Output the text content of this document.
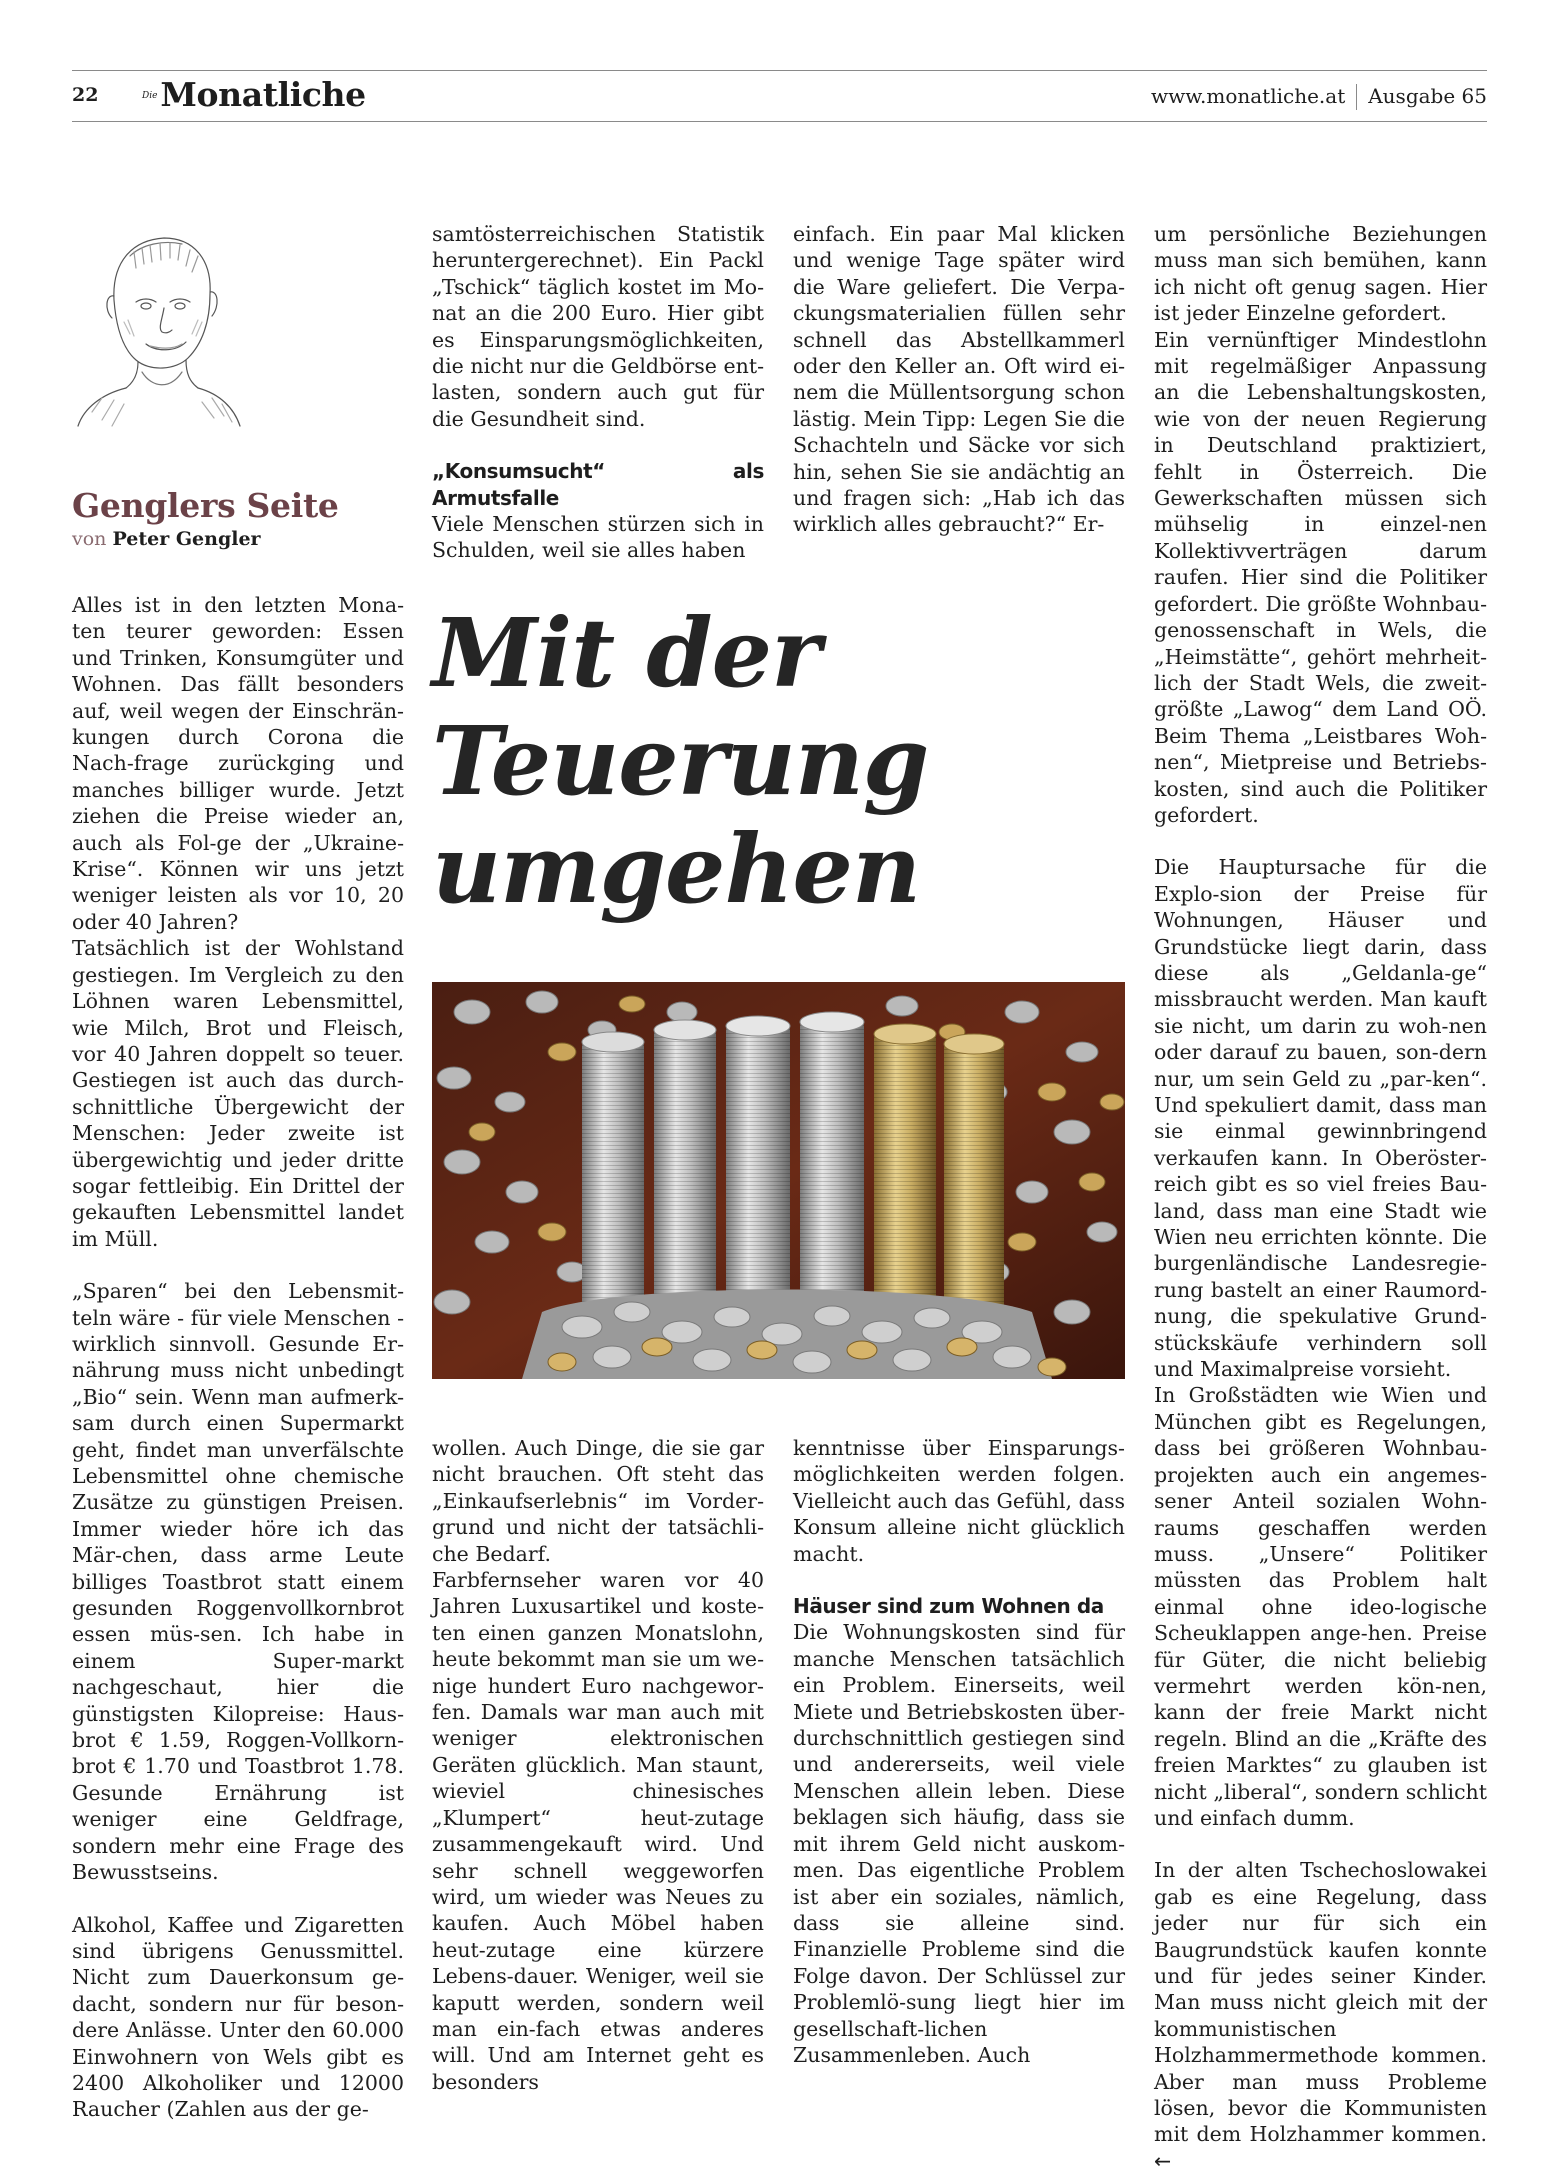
22	Die Monatliche	www.monatliche.at Ausgabe 65
Genglers Seite
von Peter Gengler
Mit der
Teuerung
umgehen

Alles ist in den letzten Mona-ten teurer geworden: Essen und Trinken, Konsumgüter und Wohnen. Das fällt besonders auf, weil wegen der Einschrän-kungen durch Corona die Nach-frage zurückging und manches billiger wurde. Jetzt ziehen die Preise wieder an, auch als Fol-ge der „Ukraine-Krise“. Können wir uns jetzt weniger leisten als vor 10, 20 oder 40 Jahren?

Tatsächlich ist der Wohlstand gestiegen. Im Vergleich zu den Löhnen waren Lebensmittel, wie Milch, Brot und Fleisch, vor 40 Jahren doppelt so teuer. Gestiegen ist auch das durch-schnittliche Übergewicht der Menschen: Jeder zweite ist übergewichtig und jeder dritte sogar fettleibig. Ein Drittel der gekauften Lebensmittel landet im Müll.

„Sparen“ bei den Lebensmit-teln wäre - für viele Menschen - wirklich sinnvoll. Gesunde Er-nährung muss nicht unbedingt „Bio“ sein. Wenn man aufmerk-sam durch einen Supermarkt geht, findet man unverfälschte Lebensmittel ohne chemische Zusätze zu günstigen Preisen. Immer wieder höre ich das Mär-chen, dass arme Leute billiges Toastbrot statt einem gesunden Roggenvollkornbrot essen müs-sen. Ich habe in einem Super-markt nachgeschaut, hier die günstigsten Kilopreise: Haus-brot € 1.59, Roggen-Vollkorn-brot € 1.70 und Toastbrot 1.78. Gesunde Ernährung ist weniger eine Geldfrage, sondern mehr eine Frage des Bewusstseins.

Alkohol, Kaffee und Zigaretten sind übrigens Genussmittel. Nicht zum Dauerkonsum ge-dacht, sondern nur für beson-dere Anlässe. Unter den 60.000 Einwohnern von Wels gibt es 2400 Alkoholiker und 12000 Raucher (Zahlen aus der ge-

samtösterreichischen Statistik heruntergerechnet). Ein Packl „Tschick“ täglich kostet im Mo-nat an die 200 Euro. Hier gibt es Einsparungsmöglichkeiten, die nicht nur die Geldbörse ent-lasten, sondern auch gut für die Gesundheit sind.

„Konsumsucht“ als Armutsfalle

Viele Menschen stürzen sich in Schulden, weil sie alles haben

wollen. Auch Dinge, die sie gar nicht brauchen. Oft steht das „Einkaufserlebnis“ im Vorder-grund und nicht der tatsächli-che Bedarf.

Farbfernseher waren vor 40 Jahren Luxusartikel und koste-ten einen ganzen Monatslohn, heute bekommt man sie um we-nige hundert Euro nachgewor-fen. Damals war man auch mit weniger elektronischen Geräten glücklich. Man staunt, wieviel chinesisches „Klumpert“ heut-zutage zusammengekauft wird. Und sehr schnell weggeworfen wird, um wieder was Neues zu kaufen. Auch Möbel haben heut-zutage eine kürzere Lebens-dauer. Weniger, weil sie kaputt werden, sondern weil man ein-fach etwas anderes will. Und am Internet geht es besonders

einfach. Ein paar Mal klicken und wenige Tage später wird die Ware geliefert. Die Verpa-ckungsmaterialien füllen sehr schnell das Abstellkammerl oder den Keller an. Oft wird ei-nem die Müllentsorgung schon lästig. Mein Tipp: Legen Sie die Schachteln und Säcke vor sich hin, sehen Sie sie andächtig an und fragen sich: „Hab ich das wirklich alles gebraucht?“ Er-

kenntnisse über Einsparungs-möglichkeiten werden folgen. Vielleicht auch das Gefühl, dass Konsum alleine nicht glücklich macht.

Häuser sind zum Wohnen da

Die Wohnungskosten sind für manche Menschen tatsächlich ein Problem. Einerseits, weil Miete und Betriebskosten über-durchschnittlich gestiegen sind und andererseits, weil viele Menschen allein leben. Diese beklagen sich häufig, dass sie mit ihrem Geld nicht auskom-men. Das eigentliche Problem ist aber ein soziales, nämlich, dass sie alleine sind. Finanzielle Probleme sind die Folge davon. Der Schlüssel zur Problemlö-sung liegt hier im gesellschaft-lichen Zusammenleben. Auch

um persönliche Beziehungen muss man sich bemühen, kann ich nicht oft genug sagen. Hier ist jeder Einzelne gefordert.

Ein vernünftiger Mindestlohn mit regelmäßiger Anpassung an die Lebenshaltungskosten, wie von der neuen Regierung in Deutschland praktiziert, fehlt in Österreich. Die Gewerkschaften müssen sich mühselig in einzel-nen Kollektivverträgen darum raufen. Hier sind die Politiker gefordert. Die größte Wohnbau-genossenschaft in Wels, die „Heimstätte“, gehört mehrheit-lich der Stadt Wels, die zweit-größte „Lawog“ dem Land OÖ. Beim Thema „Leistbares Woh-nen“, Mietpreise und Betriebs-kosten, sind auch die Politiker gefordert.

Die Hauptursache für die Explo-sion der Preise für Wohnungen, Häuser und Grundstücke liegt darin, dass diese als „Geldanla-ge“ missbraucht werden. Man kauft sie nicht, um darin zu woh-nen oder darauf zu bauen, son-dern nur, um sein Geld zu „par-ken“. Und spekuliert damit, dass man sie einmal gewinnbringend verkaufen kann. In Oberöster-reich gibt es so viel freies Bau-land, dass man eine Stadt wie Wien neu errichten könnte. Die burgenländische Landesregie-rung bastelt an einer Raumord-nung, die spekulative Grund-stückskäufe verhindern soll und Maximalpreise vorsieht.

In Großstädten wie Wien und München gibt es Regelungen, dass bei größeren Wohnbau-projekten auch ein angemes-sener Anteil sozialen Wohn-raums geschaffen werden muss. „Unsere“ Politiker müssten das Problem halt einmal ohne ideo-logische Scheuklappen ange-hen. Preise für Güter, die nicht beliebig vermehrt werden kön-nen, kann der freie Markt nicht regeln. Blind an die „Kräfte des freien Marktes“ zu glauben ist nicht „liberal“, sondern schlicht und einfach dumm.

In der alten Tschechoslowakei gab es eine Regelung, dass jeder nur für sich ein Baugrundstück kaufen konnte und für jedes seiner Kinder. Man muss nicht gleich mit der kommunistischen Holzhammermethode kommen. Aber man muss Probleme lösen, bevor die Kommunisten mit dem Holzhammer kommen. ←
